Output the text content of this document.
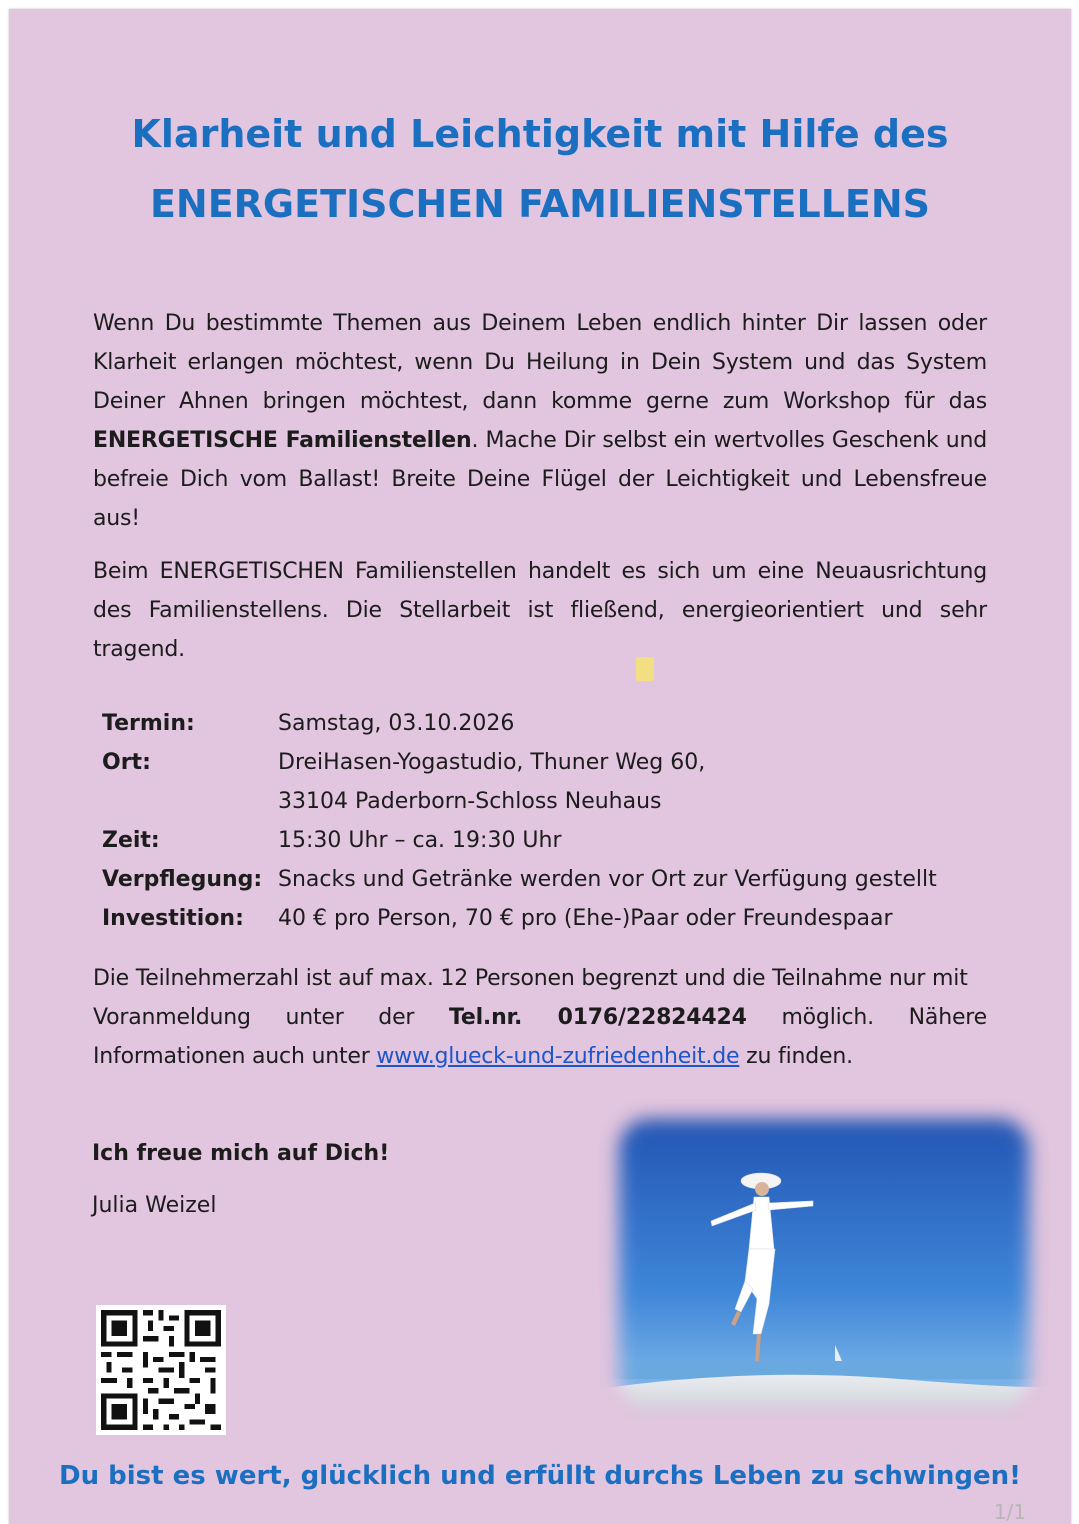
Klarheit und Leichtigkeit mit Hilfe des
ENERGETISCHEN FAMILIENSTELLENS

Wenn Du bestimmte Themen aus Deinem Leben endlich hinter Dir lassen oder Klarheit erlangen möchtest, wenn Du Heilung in Dein System und das System Deiner Ahnen bringen möchtest, dann komme gerne zum Workshop für das ENERGETISCHE Familienstellen. Mache Dir selbst ein wertvolles Geschenk und befreie Dich vom Ballast! Breite Deine Flügel der Leichtigkeit und Lebensfreue aus!

Beim ENERGETISCHEN Familienstellen handelt es sich um eine Neuausrichtung des Familienstellens. Die Stellarbeit ist fließend, energieorientiert und sehr tragend.

Termin:	Samstag, 03.10.2026
Ort:	DreiHasen-Yogastudio, Thuner Weg 60,
33104 Paderborn-Schloss Neuhaus
Zeit:	15:30 Uhr – ca. 19:30 Uhr
Verpflegung: Snacks und Getränke werden vor Ort zur Verfügung gestellt
Investition:	40 € pro Person, 70 € pro (Ehe-)Paar oder Freundespaar
Die Teilnehmerzahl ist auf max. 12 Personen begrenzt und die Teilnahme nur mit
Voranmeldung unter der Tel.nr. 0176/22824424 möglich. Nähere
Informationen auch unter www.glueck-und-zufriedenheit.de zu finden.
Ich freue mich auf Dich!
Julia Weizel
Du bist es wert, glücklich und erfüllt durchs Leben zu schwingen!
1/1
